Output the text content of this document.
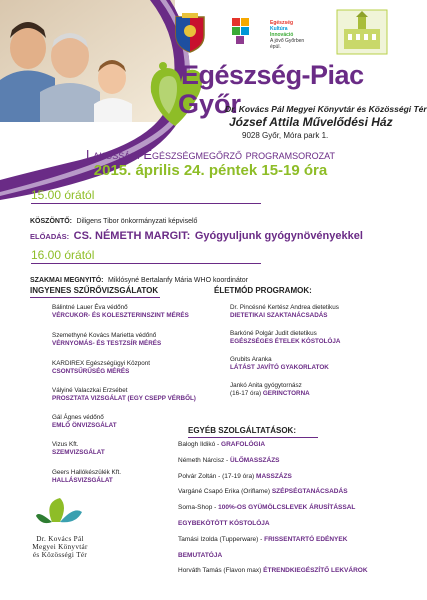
Egészség
Kultúra
Innováció
A jövő Győrben épül.
Egészség-Piac
Győr
Dr. Kovács Pál Megyei Könyvtár és Közösségi Tér
József Attila Művelődési Ház
9028 Győr, Móra park 1.
Lakossági Egészségmegőrző programsorozat
2015. április 24. péntek 15-19 óra
15.00 órától
KÖSZÖNTŐ: Diligens Tibor önkormányzati képviselő
ELŐADÁS: CS. NÉMETH MARGIT: Gyógyuljunk gyógynövényekkel
16.00 órától
SZAKMAI MEGNYITÓ: Miklósyné Bertalanfy Mária WHO koordinátor
INGYENES SZŰRŐVIZSGÁLATOK
Bálintné Lauer Éva védőnő
VÉRCUKOR- ÉS KOLESZTERINSZINT MÉRÉS
Szemethyné Kovács Marietta védőnő
VÉRNYOMÁS- ÉS TESTZSÍR MÉRÉS
KARDIREX Egészségügyi Központ
CSONTSŰRŰSÉG MÉRÉS
Vályiné Valaczkai Erzsébet
PROSZTATA VIZSGÁLAT (EGY CSEPP VÉRBŐL)
Gál Ágnes védőnő
EMLŐ ÖNVIZSGÁLAT
Vizus Kft.
SZEMVIZSGÁLAT
Geers Hallókészülék Kft.
HALLÁSVIZSGÁLAT
ÉLETMÓD PROGRAMOK:
Dr. Pincésné Kertész Andrea dietetikus
DIETETIKAI SZAKTANÁCSADÁS
Barkóné Polgár Judit dietetikus
EGÉSZSÉGES ÉTELEK KÓSTOLÓJA
Grubits Aranka
LÁTÁST JAVÍTÓ GYAKORLATOK
Jankó Anita gyógytornász
(16-17 óra) GERINCTORNA
EGYÉB SZOLGÁLTATÁSOK:
Balogh Ildikó - GRAFOLÓGIA
Németh Nárcisz - ÜLŐMASSZÁZS
Polvár Zoltán - (17-19 óra) MASSZÁZS
Vargáné Csapó Erika (Oriflame) SZÉPSÉGTANÁCSADÁS
Soma-Shop - 100%-OS GYÜMÖLCSLEVEK ÁRUSÍTÁSSAL
EGYBEKÖTÖTT KÓSTOLÓJA
Tamási Izolda (Tupperware) - FRISSENTARTÓ EDÉNYEK
BEMUTATÓJA
Horváth Tamás (Flavon max) ÉTRENDKIEGÉSZÍTŐ LEKVÁROK
Dr. Kovács Pál
Megyei Könyvtár
és Közösségi Tér
